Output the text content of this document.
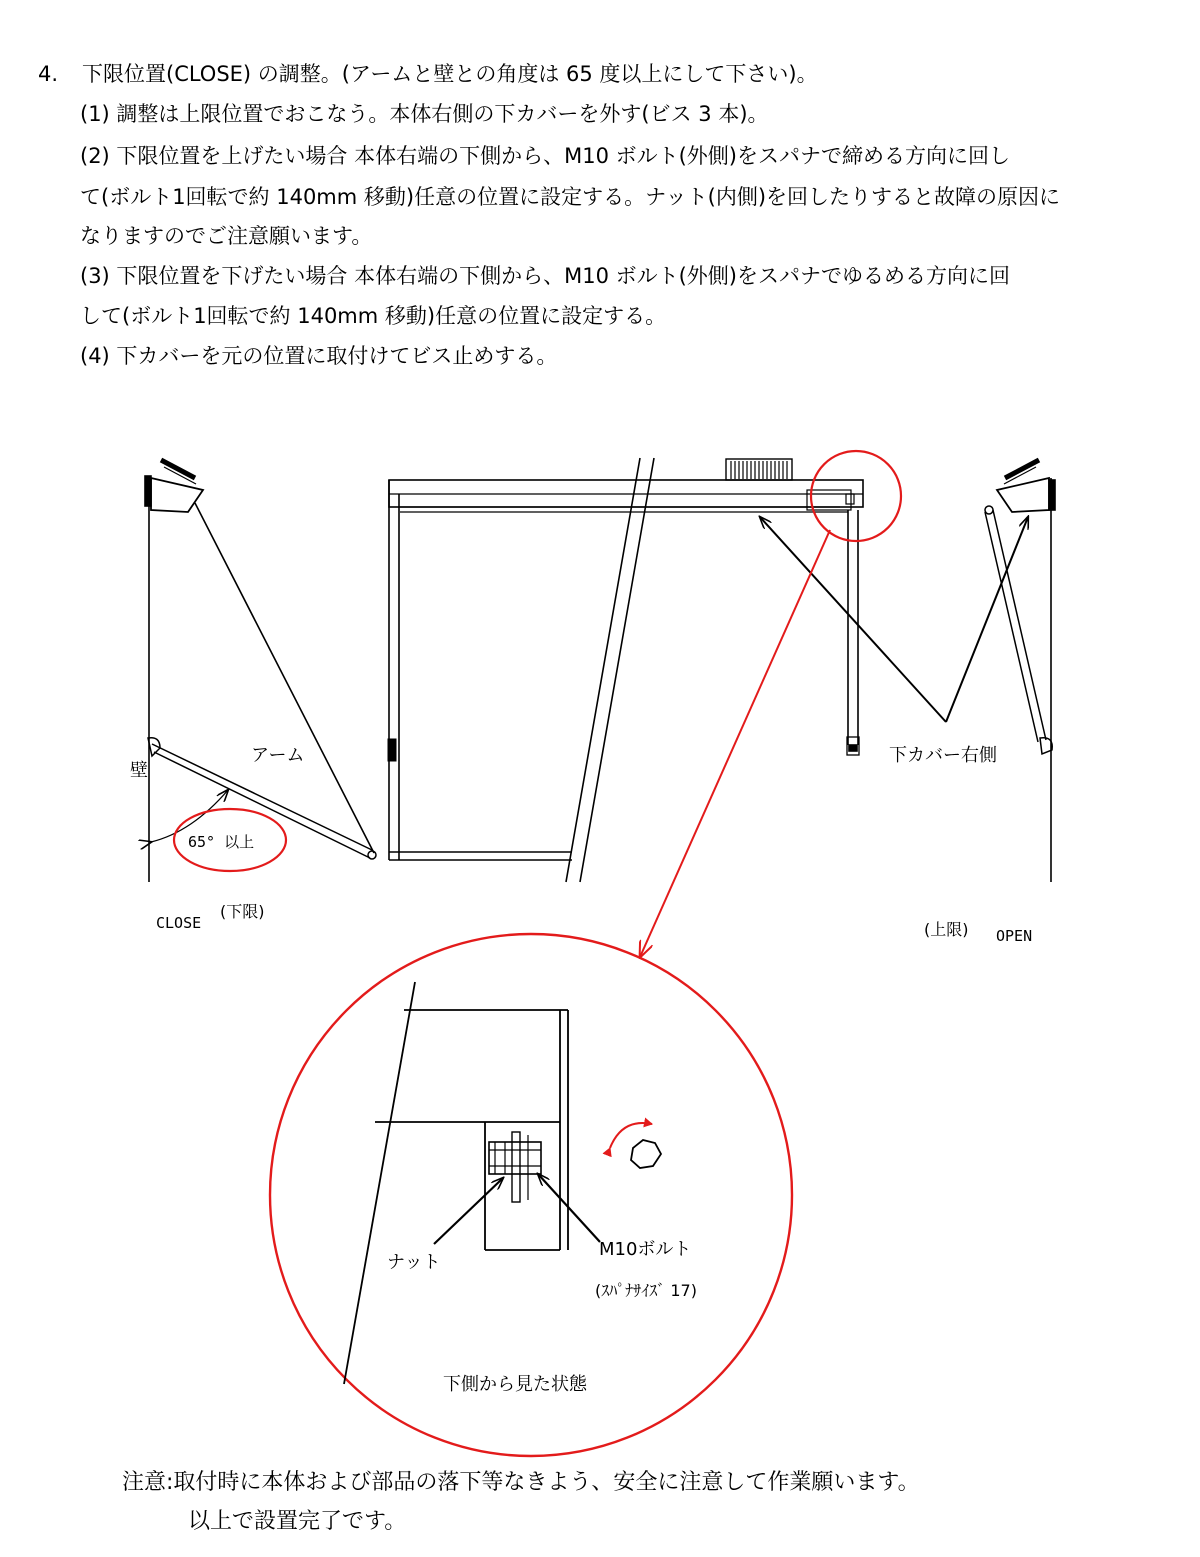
4. 下限位置(CLOSE) の調整。(アームと壁との角度は 65 度以上にして下さい)。
(1) 調整は上限位置でおこなう。本体右側の下カバーを外す(ビス 3 本)。
(2) 下限位置を上げたい場合 本体右端の下側から、M10 ボルト(外側)をスパナで締める方向に回し
て(ボルト1回転で約 140mm 移動)任意の位置に設定する。ナット(内側)を回したりすると故障の原因に
なりますのでご注意願います。
(3) 下限位置を下げたい場合 本体右端の下側から、M10 ボルト(外側)をスパナでゆるめる方向に回
して(ボルト1回転で約 140mm 移動)任意の位置に設定する。
(4) 下カバーを元の位置に取付けてビス止めする。
アーム
壁
65° 以上
CLOSE
(下限)
(上限) OPEN
下カバー右側
ナット
M10ボルト
(ｽﾊﾟﾅｻｲｽﾞ 17)
下側から見た状態
注意:取付時に本体および部品の落下等なきよう、安全に注意して作業願います。
以上で設置完了です。
